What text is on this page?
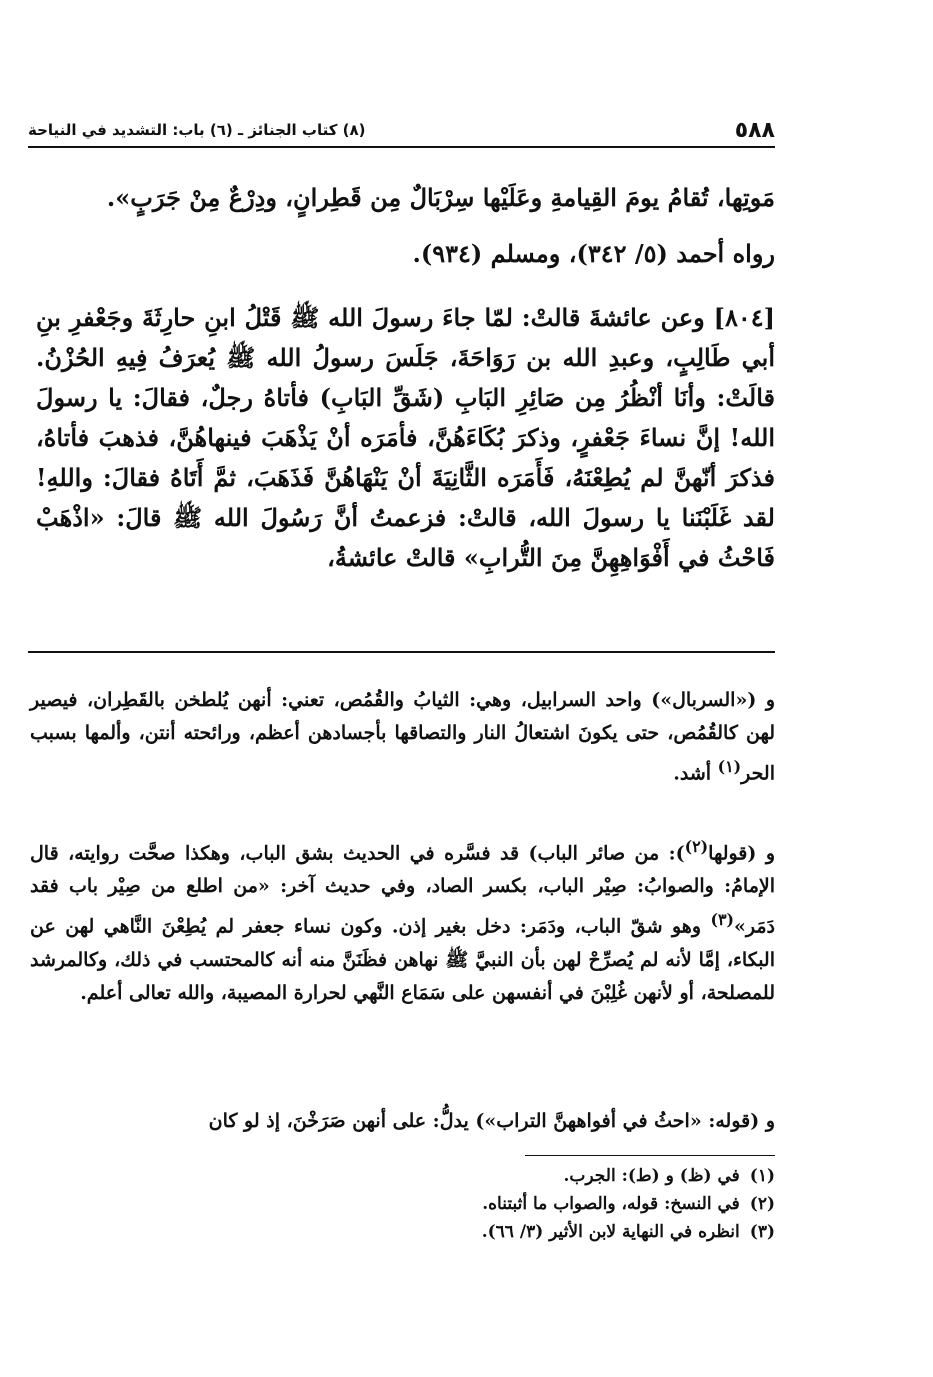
٥٨٨
(٨) كتاب الجنائز ـ (٦) باب: التشديد في النياحة

مَوتِها، تُقامُ يومَ القِيامةِ وعَلَيْها سِرْبَالٌ مِن قَطِرانٍ، ودِرْعٌ مِنْ جَرَبٍ».

رواه أحمد (٥/ ٣٤٢)، ومسلم (٩٣٤).

[٨٠٤] وعن عائشةَ قالتْ: لمّا جاءَ رسولَ الله ﷺ قَتْلُ ابنِ حارِثَةَ وجَعْفرِ بنِ أبي طَالِبٍ، وعبدِ الله بن رَوَاحَةَ، جَلَسَ رسولُ الله ﷺ يُعرَفُ فِيهِ الحُزْنُ. قالَتْ: وأنَا أنْظُرُ مِن صَائِرِ البَابِ (شَقِّ البَابِ) فأتاهُ رجلٌ، فقالَ: يا رسولَ الله! إنَّ نساءَ جَعْفرٍ، وذكرَ بُكَاءَهُنَّ، فأمَرَه أنْ يَذْهَبَ فينهاهُنَّ، فذهبَ فأتاهُ، فذكرَ أنّهنَّ لم يُطِعْنَهُ، فَأَمَرَه الثَّانِيَةَ أنْ يَنْهَاهُنَّ فَذَهَبَ، ثمَّ أَتَاهُ فقالَ: واللهِ! لقد غَلَبْنَنا يا رسولَ الله، قالتْ: فزعمتُ أنَّ رَسُولَ الله ﷺ قالَ: «اذْهَبْ فَاحْثُ في أَفْوَاهِهِنَّ مِنَ التُّرابِ» قالتْ عائشةُ،

و («السربال») واحد السرابيل، وهي: الثيابُ والقُمُص، تعني: أنهن يُلطخن بالقَطِران، فيصير لهن كالقُمُص، حتى يكونَ اشتعالُ النار والتصاقها بأجسادهن أعظم، ورائحته أنتن، وألمها بسبب الحر$^{(١)}$ أشد.

و (قولها$^{(٢)}$): من صائر الباب) قد فسَّره في الحديث بشق الباب، وهكذا صحَّت روايته، قال الإمامُ: والصوابُ: صِيْر الباب، بكسر الصاد، وفي حديث آخر: «من اطلع من صِيْر باب فقد دَمَر»$^{(٣)}$ وهو شقّ الباب، ودَمَر: دخل بغير إذن. وكون نساء جعفر لم يُطِعْنَ النَّاهي لهن عن البكاء، إمَّا لأنه لم يُصرِّحْ لهن بأن النبيَّ ﷺ نهاهن فظَنَنَّ منه أنه كالمحتسب في ذلك، وكالمرشد للمصلحة، أو لأنهن غُلِبْنَ في أنفسهن على سَمَاع النَّهي لحرارة المصيبة، والله تعالى أعلم.

و (قوله: «احثُ في أفواههنَّ التراب») يدلُّ: على أنهن صَرَخْنَ، إذ لو كان

(١)في (ظ) و (ط): الجرب.

(٢)في النسخ: قوله، والصواب ما أثبتناه.

(٣)انظره في النهاية لابن الأثير (٣/ ٦٦).
